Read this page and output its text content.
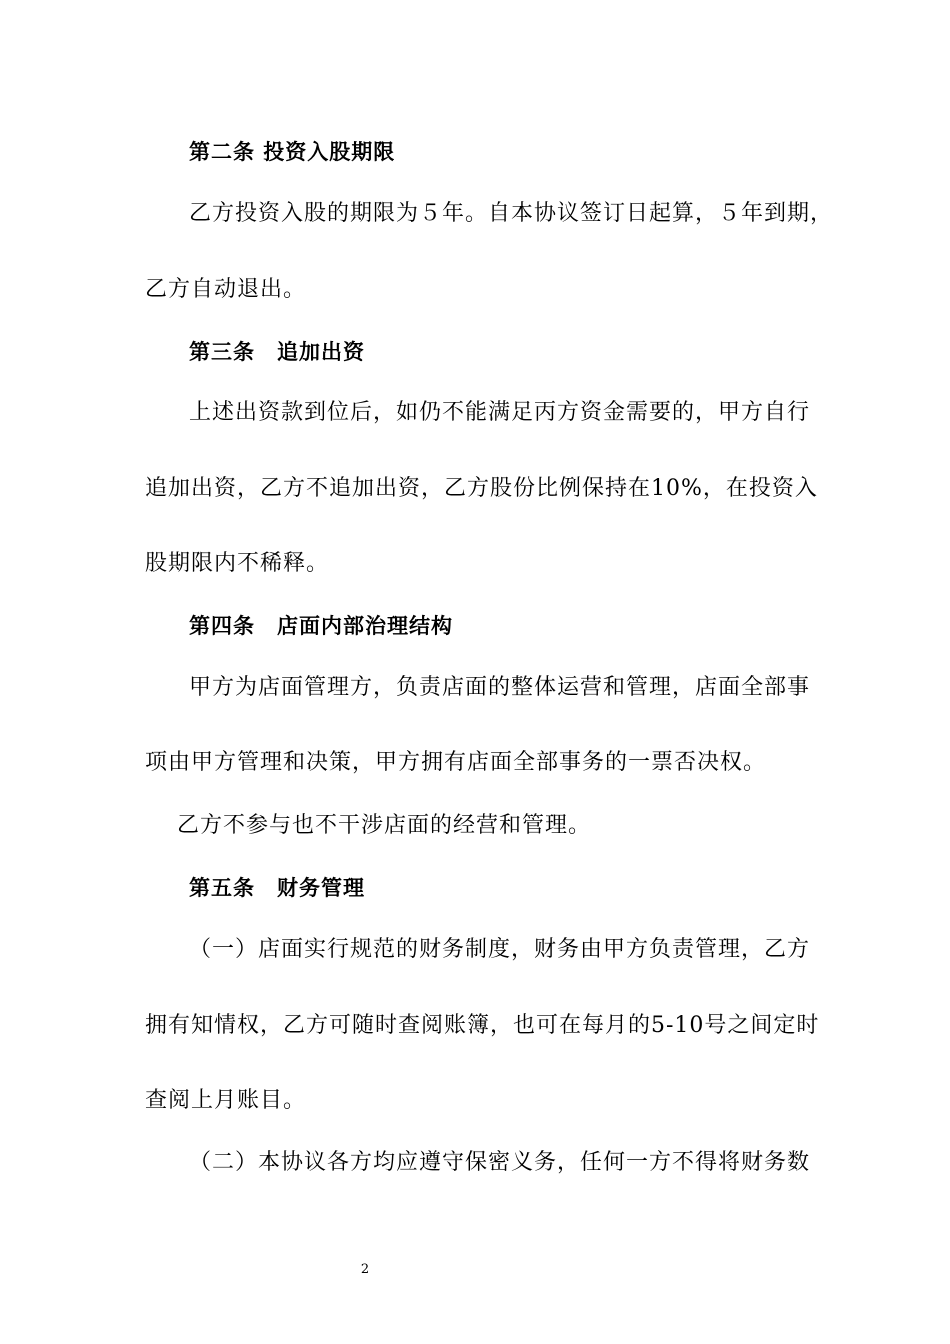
第二条 投资入股期限
乙方投资入股的期限为５年。自本协议签订日起算，５年到期，
乙方自动退出。
第三条　追加出资
上述出资款到位后，如仍不能满足丙方资金需要的，甲方自行
追加出资，乙方不追加出资，乙方股份比例保持在10%，在投资入
股期限内不稀释。
第四条　店面内部治理结构
甲方为店面管理方，负责店面的整体运营和管理，店面全部事
项由甲方管理和决策，甲方拥有店面全部事务的一票否决权。
乙方不参与也不干涉店面的经营和管理。
第五条　财务管理
（一）店面实行规范的财务制度，财务由甲方负责管理，乙方
拥有知情权，乙方可随时查阅账簿，也可在每月的5-10号之间定时
查阅上月账目。
（二）本协议各方均应遵守保密义务，任何一方不得将财务数
2
